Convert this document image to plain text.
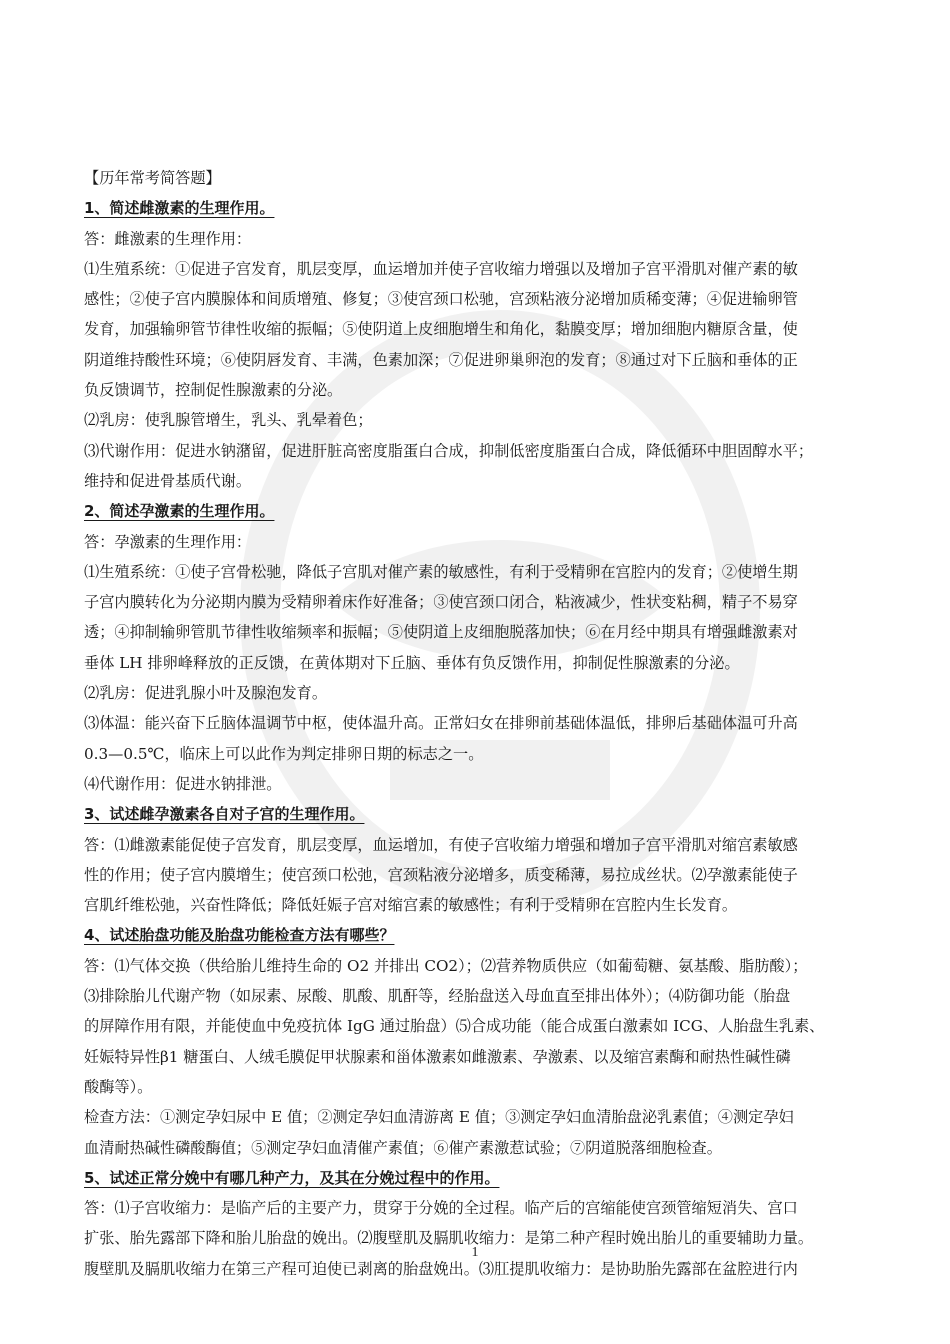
【历年常考简答题】

1、简述雌激素的生理作用。

答：雌激素的生理作用：

⑴生殖系统：①促进子宫发育，肌层变厚，血运增加并使子宫收缩力增强以及增加子宫平滑肌对催产素的敏

感性；②使子宫内膜腺体和间质增殖、修复；③使宫颈口松驰，宫颈粘液分泌增加质稀变薄；④促进输卵管

发育，加强输卵管节律性收缩的振幅；⑤使阴道上皮细胞增生和角化，黏膜变厚；增加细胞内糖原含量，使

阴道维持酸性环境；⑥使阴唇发育、丰满，色素加深；⑦促进卵巢卵泡的发育；⑧通过对下丘脑和垂体的正

负反馈调节，控制促性腺激素的分泌。

⑵乳房：使乳腺管增生，乳头、乳晕着色；

⑶代谢作用：促进水钠潴留，促进肝脏高密度脂蛋白合成，抑制低密度脂蛋白合成，降低循环中胆固醇水平；

维持和促进骨基质代谢。

2、简述孕激素的生理作用。

答：孕激素的生理作用：

⑴生殖系统：①使子宫骨松驰，降低子宫肌对催产素的敏感性，有利于受精卵在宫腔内的发育；②使增生期

子宫内膜转化为分泌期内膜为受精卵着床作好准备；③使宫颈口闭合，粘液减少，性状变粘稠，精子不易穿

透；④抑制输卵管肌节律性收缩频率和振幅；⑤使阴道上皮细胞脱落加快；⑥在月经中期具有增强雌激素对

垂体 LH 排卵峰释放的正反馈，在黄体期对下丘脑、垂体有负反馈作用，抑制促性腺激素的分泌。

⑵乳房：促进乳腺小叶及腺泡发育。

⑶体温：能兴奋下丘脑体温调节中枢，使体温升高。正常妇女在排卵前基础体温低，排卵后基础体温可升高

0.3—0.5℃，临床上可以此作为判定排卵日期的标志之一。

⑷代谢作用：促进水钠排泄。

3、试述雌孕激素各自对子宫的生理作用。

答：⑴雌激素能促使子宫发育，肌层变厚，血运增加，有使子宫收缩力增强和增加子宫平滑肌对缩宫素敏感

性的作用；使子宫内膜增生；使宫颈口松弛，宫颈粘液分泌增多，质变稀薄，易拉成丝状。⑵孕激素能使子

宫肌纤维松弛，兴奋性降低；降低妊娠子宫对缩宫素的敏感性；有利于受精卵在宫腔内生长发育。

4、试述胎盘功能及胎盘功能检查方法有哪些？

答：⑴气体交换（供给胎儿维持生命的 O2 并排出 CO2）；⑵营养物质供应（如葡萄糖、氨基酸、脂肪酸）；

⑶排除胎儿代谢产物（如尿素、尿酸、肌酸、肌酐等，经胎盘送入母血直至排出体外）；⑷防御功能（胎盘

的屏障作用有限，并能使血中免疫抗体 IgG 通过胎盘）⑸合成功能（能合成蛋白激素如 ICG、人胎盘生乳素、

妊娠特异性β1 糖蛋白、人绒毛膜促甲状腺素和甾体激素如雌激素、孕激素、以及缩宫素酶和耐热性碱性磷

酸酶等）。

检查方法：①测定孕妇尿中 E 值；②测定孕妇血清游离 E 值；③测定孕妇血清胎盘泌乳素值；④测定孕妇

血清耐热碱性磷酸酶值；⑤测定孕妇血清催产素值；⑥催产素激惹试验；⑦阴道脱落细胞检查。

5、试述正常分娩中有哪几种产力，及其在分娩过程中的作用。

答：⑴子宫收缩力：是临产后的主要产力，贯穿于分娩的全过程。临产后的宫缩能使宫颈管缩短消失、宫口

扩张、胎先露部下降和胎儿胎盘的娩出。⑵腹壁肌及膈肌收缩力：是第二种产程时娩出胎儿的重要辅助力量。

腹壁肌及膈肌收缩力在第三产程可迫使已剥离的胎盘娩出。⑶肛提肌收缩力：是协助胎先露部在盆腔进行内

1
